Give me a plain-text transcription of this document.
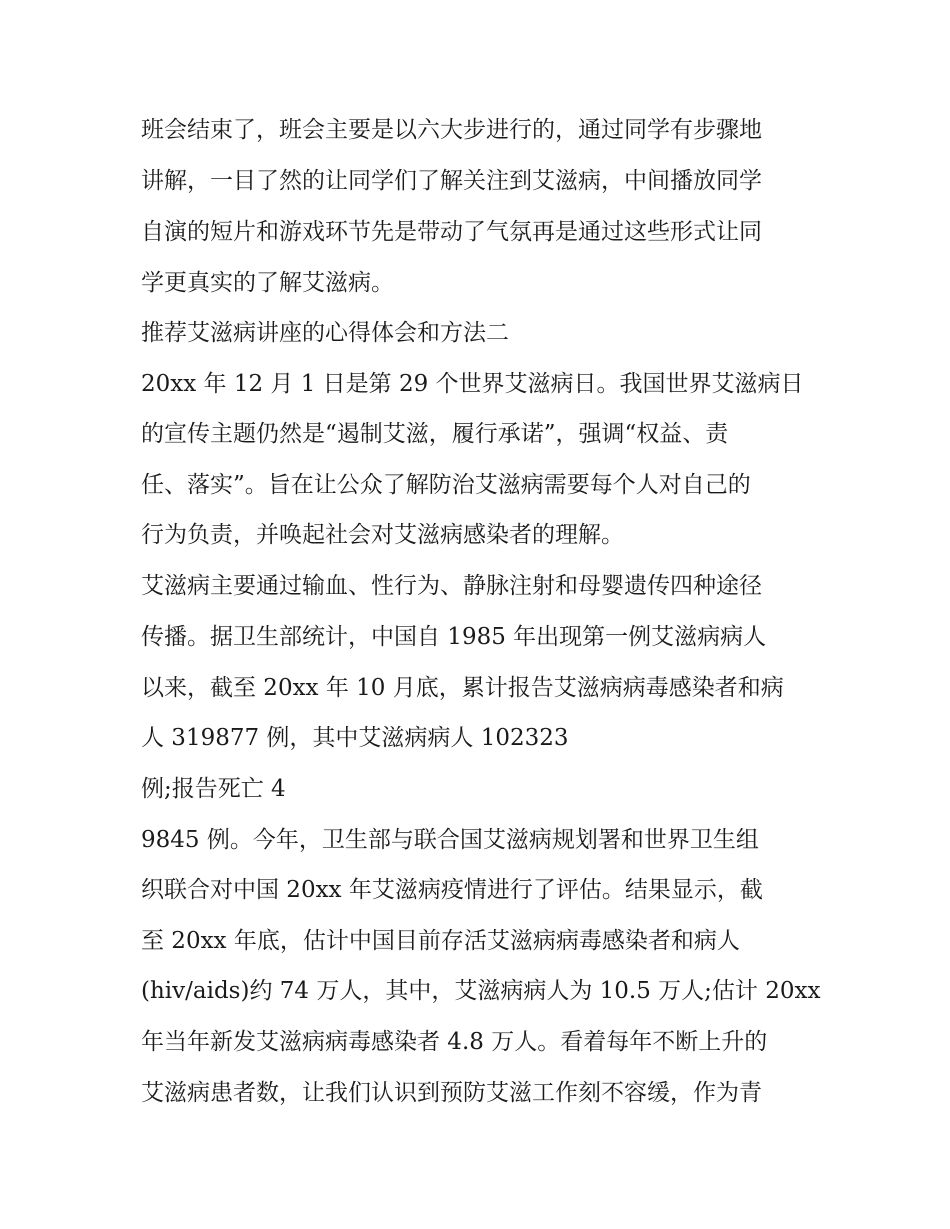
班会结束了，班会主要是以六大步进行的，通过同学有步骤地
讲解，一目了然的让同学们了解关注到艾滋病，中间播放同学
自演的短片和游戏环节先是带动了气氛再是通过这些形式让同
学更真实的了解艾滋病。
推荐艾滋病讲座的心得体会和方法二
20xx 年 12 月 1 日是第 29 个世界艾滋病日。我国世界艾滋病日
的宣传主题仍然是“遏制艾滋，履行承诺”，强调“权益、责
任、落实”。旨在让公众了解防治艾滋病需要每个人对自己的
行为负责，并唤起社会对艾滋病感染者的理解。
艾滋病主要通过输血、性行为、静脉注射和母婴遗传四种途径
传播。据卫生部统计，中国自 1985 年出现第一例艾滋病病人
以来，截至 20xx 年 10 月底，累计报告艾滋病病毒感染者和病
人 319877 例，其中艾滋病病人 102323
例;报告死亡 4
9845 例。今年，卫生部与联合国艾滋病规划署和世界卫生组
织联合对中国 20xx 年艾滋病疫情进行了评估。结果显示，截
至 20xx 年底，估计中国目前存活艾滋病病毒感染者和病人
(hiv/aids)约 74 万人，其中，艾滋病病人为 10.5 万人;估计 20xx
年当年新发艾滋病病毒感染者 4.8 万人。看着每年不断上升的
艾滋病患者数，让我们认识到预防艾滋工作刻不容缓，作为青
